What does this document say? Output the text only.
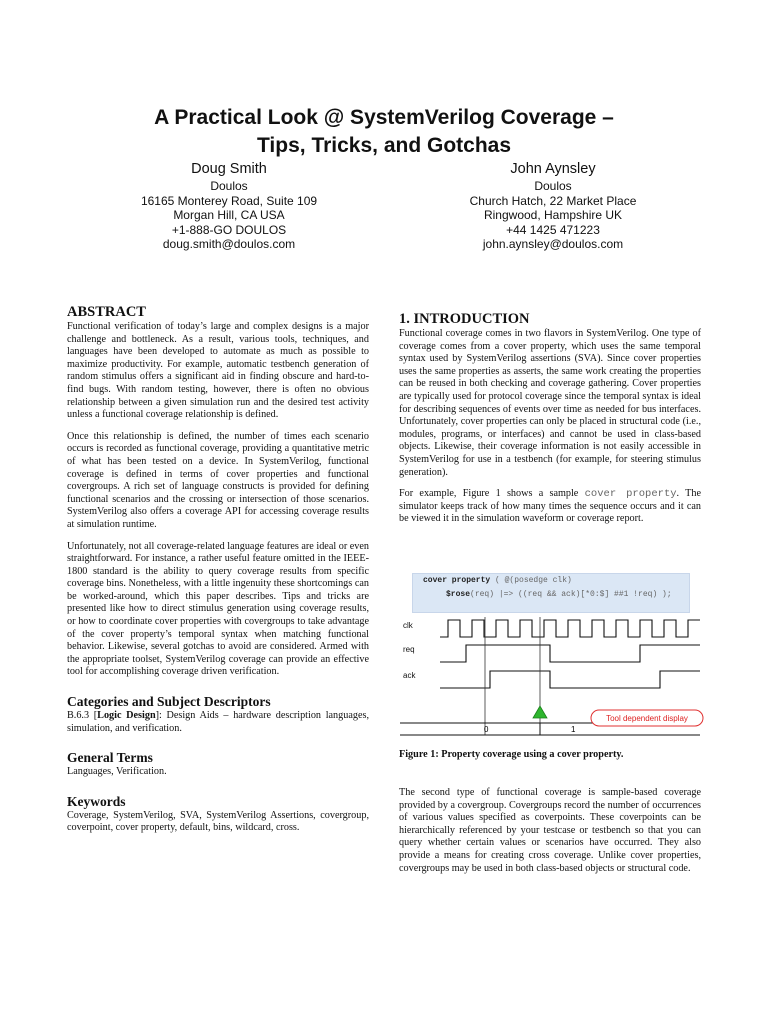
A Practical Look @ SystemVerilog Coverage –
Tips, Tricks, and Gotchas
Doug Smith
Doulos
16165 Monterey Road, Suite 109
Morgan Hill, CA USA
+1-888-GO DOULOS
doug.smith@doulos.com
John Aynsley
Doulos
Church Hatch, 22 Market Place
Ringwood, Hampshire UK
+44 1425 471223
john.aynsley@doulos.com
ABSTRACT

Functional verification of today’s large and complex designs is a major challenge and bottleneck. As a result, various tools, techniques, and languages have been developed to automate as much as possible to maximize productivity. For example, automatic testbench generation of random stimulus offers a significant aid in finding obscure and hard-to-find bugs. With random testing, however, there is often no obvious relationship between a given simulation run and the desired test activity unless a functional coverage relationship is defined.

Once this relationship is defined, the number of times each scenario occurs is recorded as functional coverage, providing a quantitative metric of what has been tested on a device. In SystemVerilog, functional coverage is defined in terms of cover properties and functional covergroups. A rich set of language constructs is provided for defining functional scenarios and the crossing or intersection of those scenarios. SystemVerilog also offers a coverage API for accessing coverage results at simulation runtime.

Unfortunately, not all coverage-related language features are ideal or even straightforward. For instance, a rather useful feature omitted in the IEEE-1800 standard is the ability to query coverage results from specific coverage bins. Nonetheless, with a little ingenuity these shortcomings can be worked-around, which this paper describes. Tips and tricks are presented like how to direct stimulus generation using coverage results, or how to coordinate cover properties with covergroups to take advantage of the cover property’s temporal syntax when matching functional behavior. Likewise, several gotchas to avoid are considered. Armed with the appropriate toolset, SystemVerilog coverage can provide an effective tool for accomplishing coverage driven verification.

Categories and Subject Descriptors

B.6.3 [Logic Design]: Design Aids – hardware description languages, simulation, and verification.

General Terms

Languages, Verification.

Keywords

Coverage, SystemVerilog, SVA, SystemVerilog Assertions, covergroup, coverpoint, cover property, default, bins, wildcard, cross.

1. INTRODUCTION

Functional coverage comes in two flavors in SystemVerilog. One type of coverage comes from a cover property, which uses the same temporal syntax used by SystemVerilog assertions (SVA). Since cover properties uses the same properties as asserts, the same work creating the properties can be reused in both checking and coverage gathering. Cover properties are typically used for protocol coverage since the temporal syntax is ideal for describing sequences of events over time as needed for bus interfaces. Unfortunately, cover properties can only be placed in structural code (i.e., modules, programs, or interfaces) and cannot be used in class-based objects. Likewise, their coverage information is not easily accessible in SystemVerilog for use in a testbench (for example, for steering stimulus generation).

For example, Figure 1 shows a sample cover property. The simulator keeps track of how many times the sequence occurs and it can be viewed it in the simulation waveform or coverage report.

cover property ( @(posedge clk)
$rose(req) |=> ((req && ack)[*0:$] ##1 !req) );
clk
req
ack
0	1
Tool dependent display
Figure 1: Property coverage using a cover property.

The second type of functional coverage is sample-based coverage provided by a covergroup. Covergroups record the number of occurrences of various values specified as coverpoints. These coverpoints can be hierarchically referenced by your testcase or testbench so that you can query whether certain values or scenarios have occurred. They also provide a means for creating cross coverage. Unlike cover properties, covergroups may be used in both class-based objects or structural code.
